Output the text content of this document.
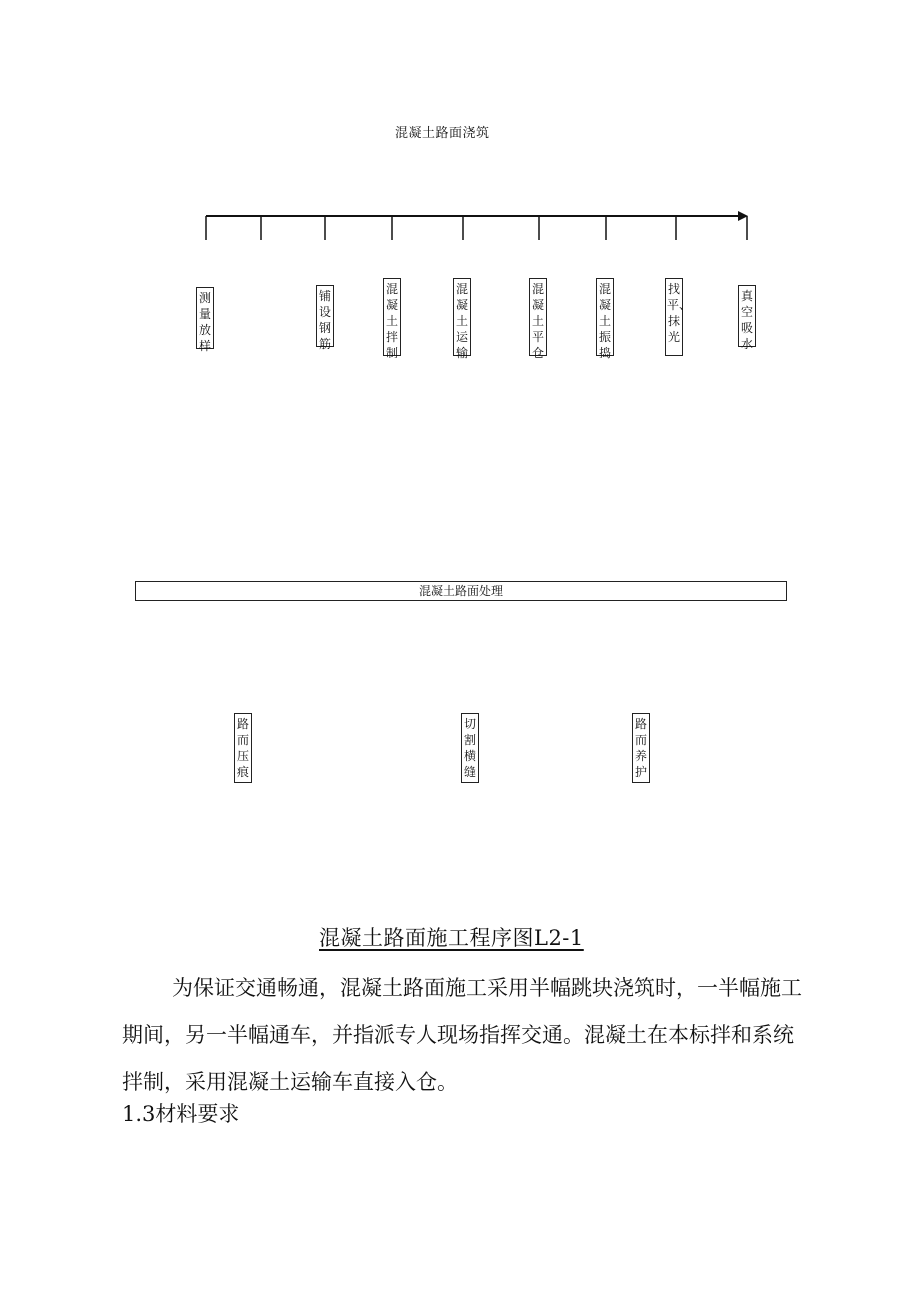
混凝土路面浇筑
测量放样
铺设钢筋
混凝土拌制
混凝土运输
混凝土平仓
混凝土振捣
找平、抹光
真空吸水
混凝土路面处理
路而压痕
切割横缝
路而养护
混凝土路面施工程序图L2-1
为保证交通畅通，混凝土路面施工采用半幅跳块浇筑时，一半幅施工期间，另一半幅通车，并指派专人现场指挥交通。混凝土在本标拌和系统拌制，采用混凝土运输车直接入仓。
1.3材料要求
